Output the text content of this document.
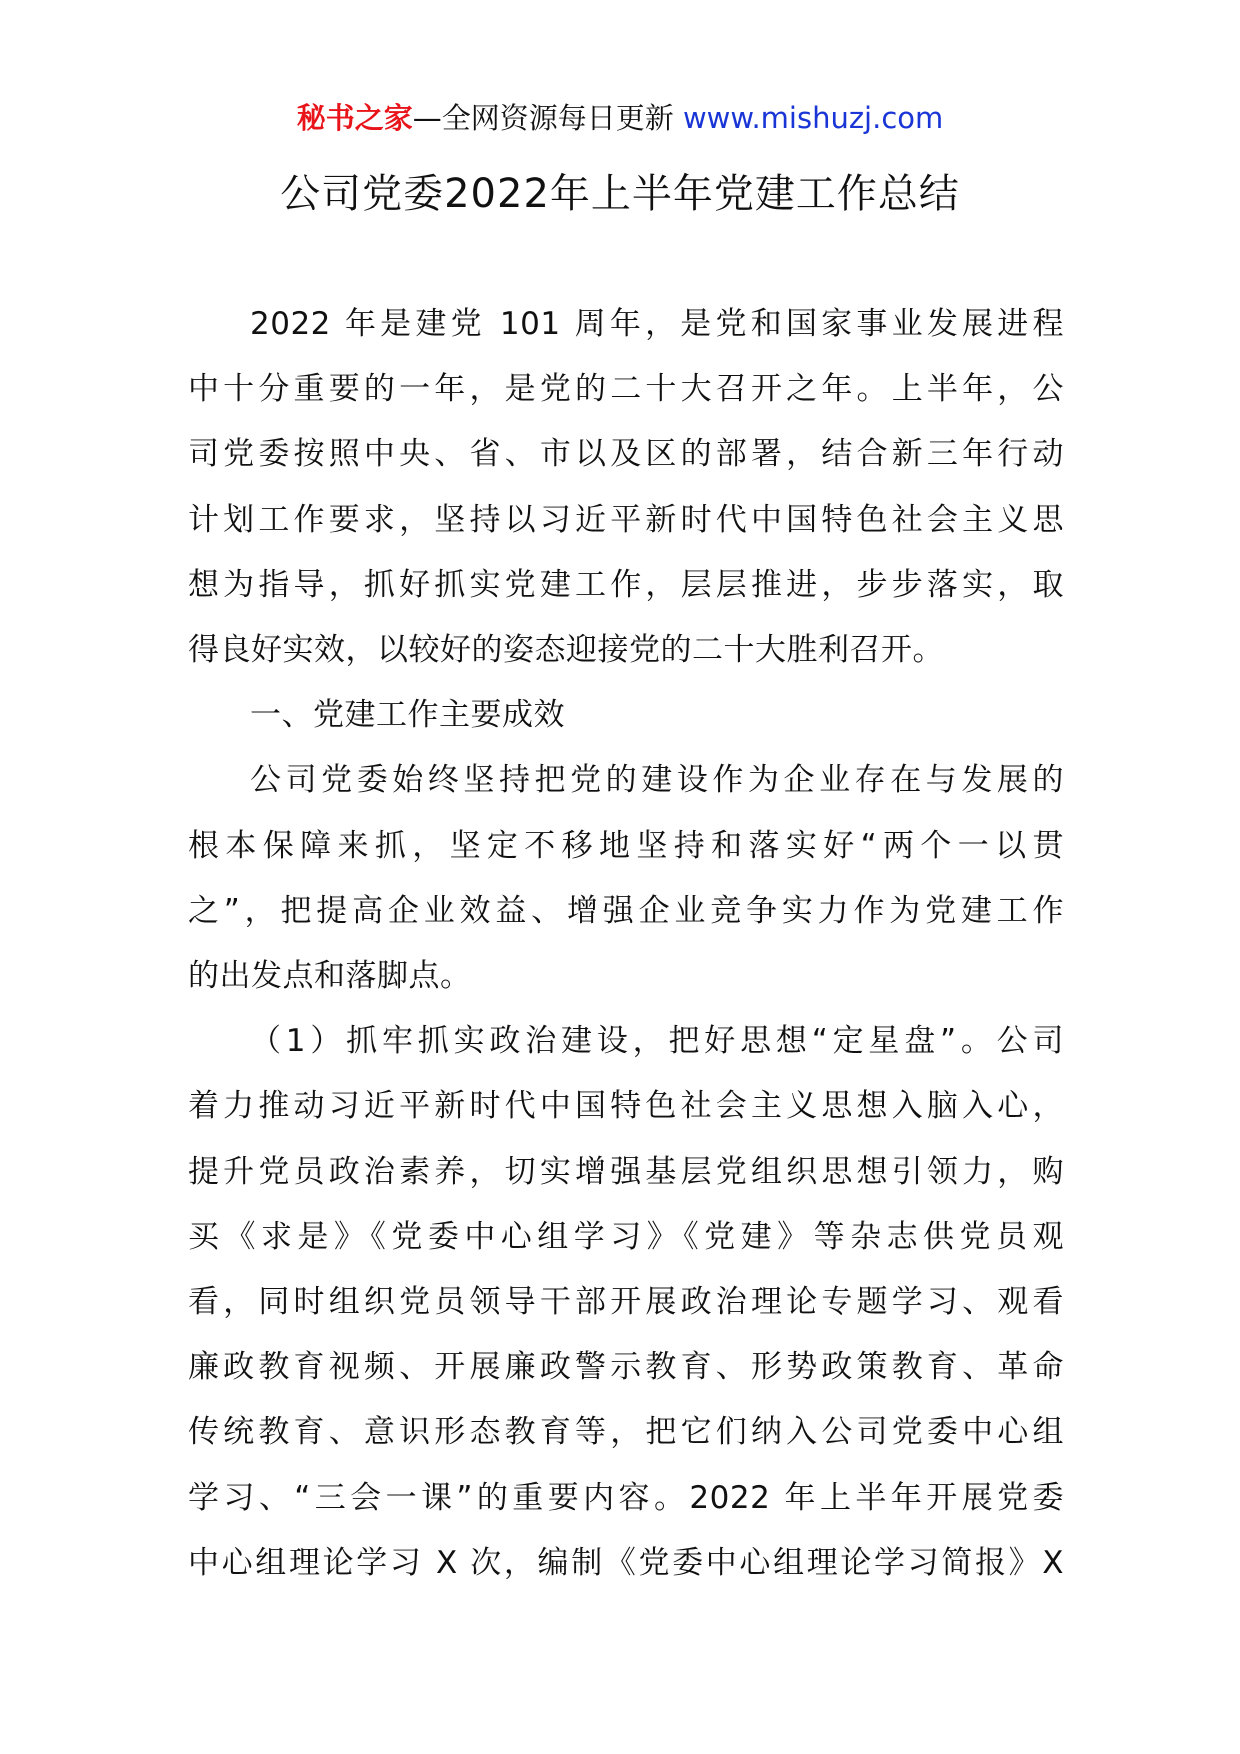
秘书之家—全网资源每日更新 www.mishuzj.com
公司党委2022年上半年党建工作总结

2022 年是建党 101 周年，是党和国家事业发展进程

中十分重要的一年，是党的二十大召开之年。上半年，公
司党委按照中央、省、市以及区的部署，结合新三年行动
计划工作要求，坚持以习近平新时代中国特色社会主义思
想为指导，抓好抓实党建工作，层层推进，步步落实，取

得良好实效，以较好的姿态迎接党的二十大胜利召开。

一、党建工作主要成效

公司党委始终坚持把党的建设作为企业存在与发展的

根本保障来抓，坚定不移地坚持和落实好“两个一以贯
之”，把提高企业效益、增强企业竞争实力作为党建工作

的出发点和落脚点。

（1）抓牢抓实政治建设，把好思想“定星盘”。公司

着力推动习近平新时代中国特色社会主义思想入脑入心，
提升党员政治素养，切实增强基层党组织思想引领力，购
买《求是》《党委中心组学习》《党建》等杂志供党员观
看，同时组织党员领导干部开展政治理论专题学习、观看
廉政教育视频、开展廉政警示教育、形势政策教育、革命
传统教育、意识形态教育等，把它们纳入公司党委中心组
学习、“三会一课”的重要内容。2022 年上半年开展党委
中心组理论学习 X 次，编制《党委中心组理论学习简报》X
